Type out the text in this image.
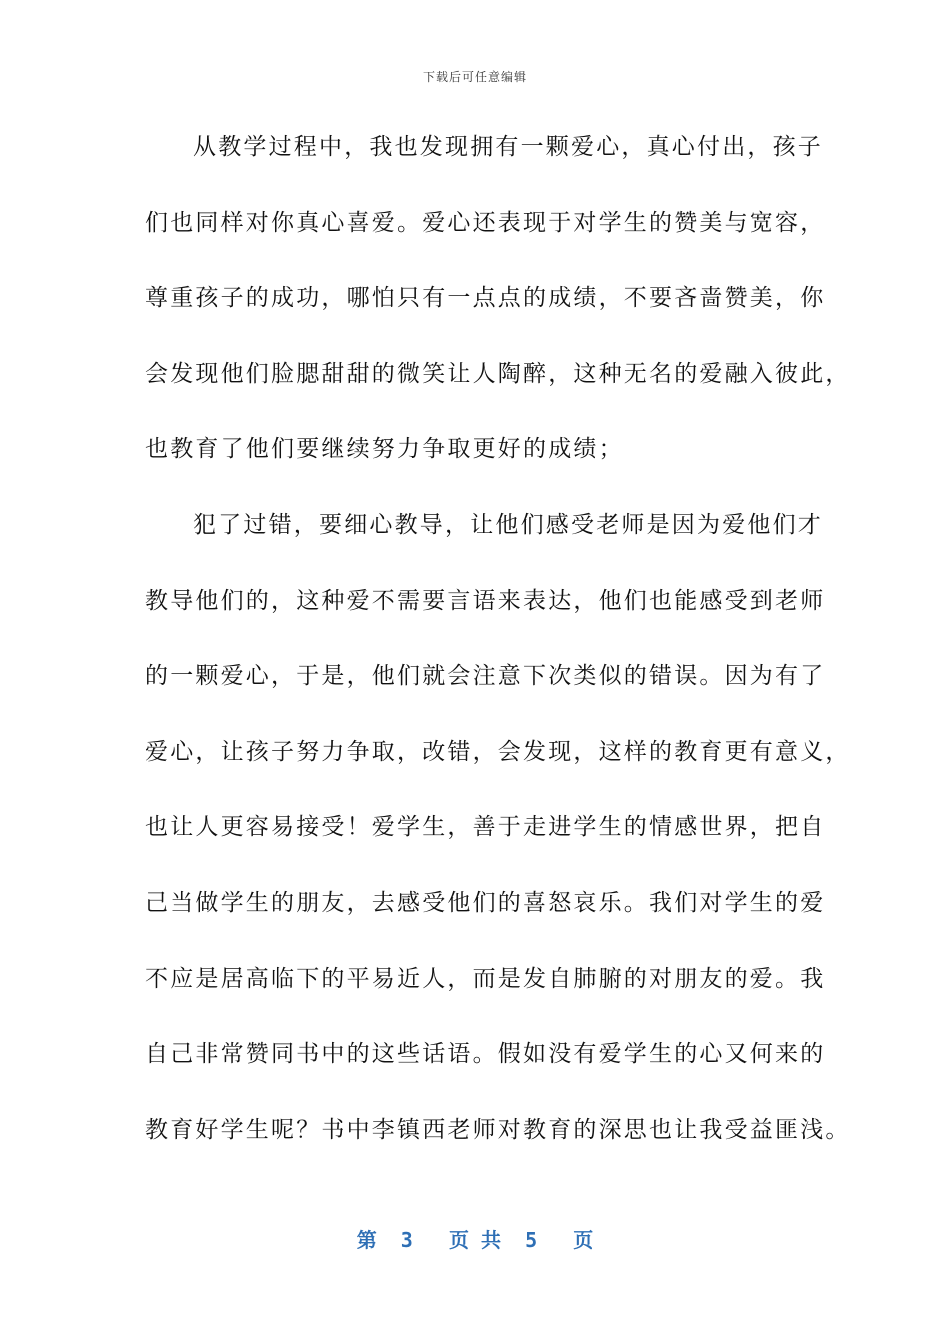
下载后可任意编辑
从教学过程中，我也发现拥有一颗爱心，真心付出，孩子
们也同样对你真心喜爱。爱心还表现于对学生的赞美与宽容，
尊重孩子的成功，哪怕只有一点点的成绩，不要吝啬赞美，你
会发现他们脸腮甜甜的微笑让人陶醉，这种无名的爱融入彼此，
也教育了他们要继续努力争取更好的成绩；
犯了过错，要细心教导，让他们感受老师是因为爱他们才
教导他们的，这种爱不需要言语来表达，他们也能感受到老师
的一颗爱心，于是，他们就会注意下次类似的错误。因为有了
爱心，让孩子努力争取，改错，会发现，这样的教育更有意义，
也让人更容易接受！爱学生，善于走进学生的情感世界，把自
己当做学生的朋友，去感受他们的喜怒哀乐。我们对学生的爱
不应是居高临下的平易近人，而是发自肺腑的对朋友的爱。我
自己非常赞同书中的这些话语。假如没有爱学生的心又何来的
教育好学生呢？书中李镇西老师对教育的深思也让我受益匪浅。
第  3   页 共  5   页
